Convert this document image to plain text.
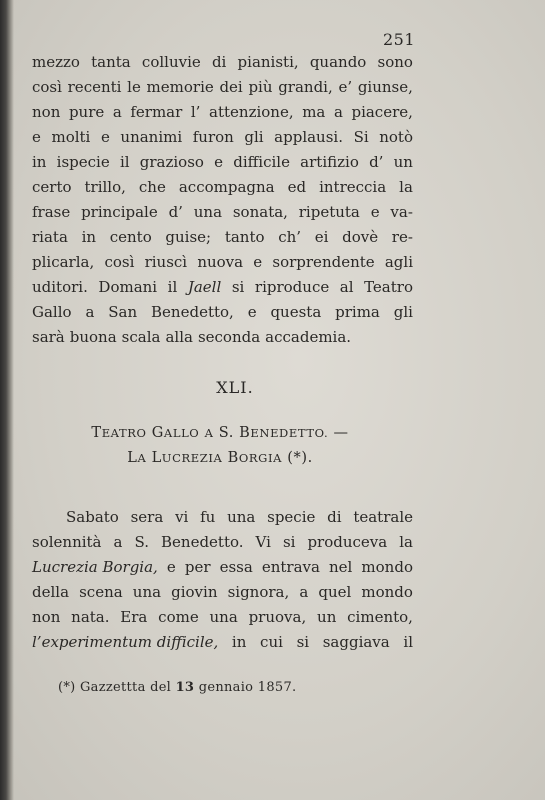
251
mezzo tanta colluvie di pianisti, quando sono
così recenti le memorie dei più grandi, e’ giunse,
non pure a fermar l’ attenzione, ma a piacere,
e molti e unanimi furon gli applausi. Si notò
in ispecie il grazioso e difficile artifizio d’ un
certo trillo, che accompagna ed intreccia la
frase principale d’ una sonata, ripetuta e va-
riata in cento guise; tanto ch’ ei dovè re-
plicarla, così riuscì nuova e sorprendente agli
uditori. Domani il Jaell si riproduce al Teatro
Gallo a San Benedetto, e questa prima gli
sarà buona scala alla seconda accademia.
XLI.
TEATRO GALLO A S. BENEDETTO. —
LA LUCREZIA BORGIA (*).
Sabato sera vi fu una specie di teatrale
solennità a S. Benedetto. Vi si produceva la
Lucrezia Borgia, e per essa entrava nel mondo
della scena una giovin signora, a quel mondo
non nata. Era come una pruova, un cimento,
l’experimentum difficile, in cui si saggiava il
(*) Gazzettta del 13 gennaio 1857.
